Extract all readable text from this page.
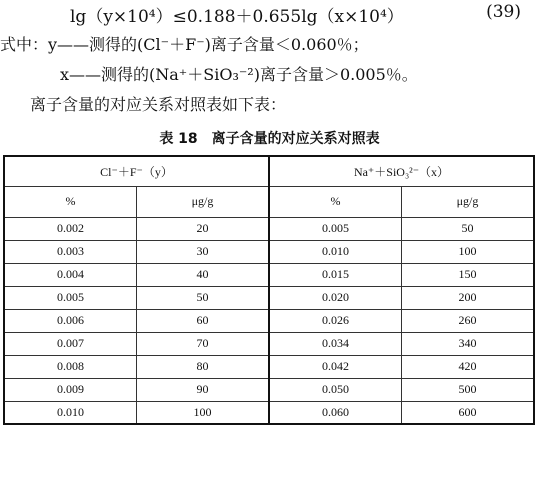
lg（y×10⁴）≤0.188＋0.655lg（x×10⁴）	(39)
式中：y——测得的(Cl⁻＋F⁻)离子含量＜0.060％；
x——测得的(Na⁺＋SiO₃⁻²)离子含量＞0.005％。
离子含量的对应关系对照表如下表：
表 18　离子含量的对应关系对照表
Cl⁻＋F⁻（y）		Na⁺＋SiO₃²⁻（x）	
%	μg/g	%	μg/g
0.002	20	0.005	50
0.003	30	0.010	100
0.004	40	0.015	150
0.005	50	0.020	200
0.006	60	0.026	260
0.007	70	0.034	340
0.008	80	0.042	420
0.009	90	0.050	500
0.010	100	0.060	600
